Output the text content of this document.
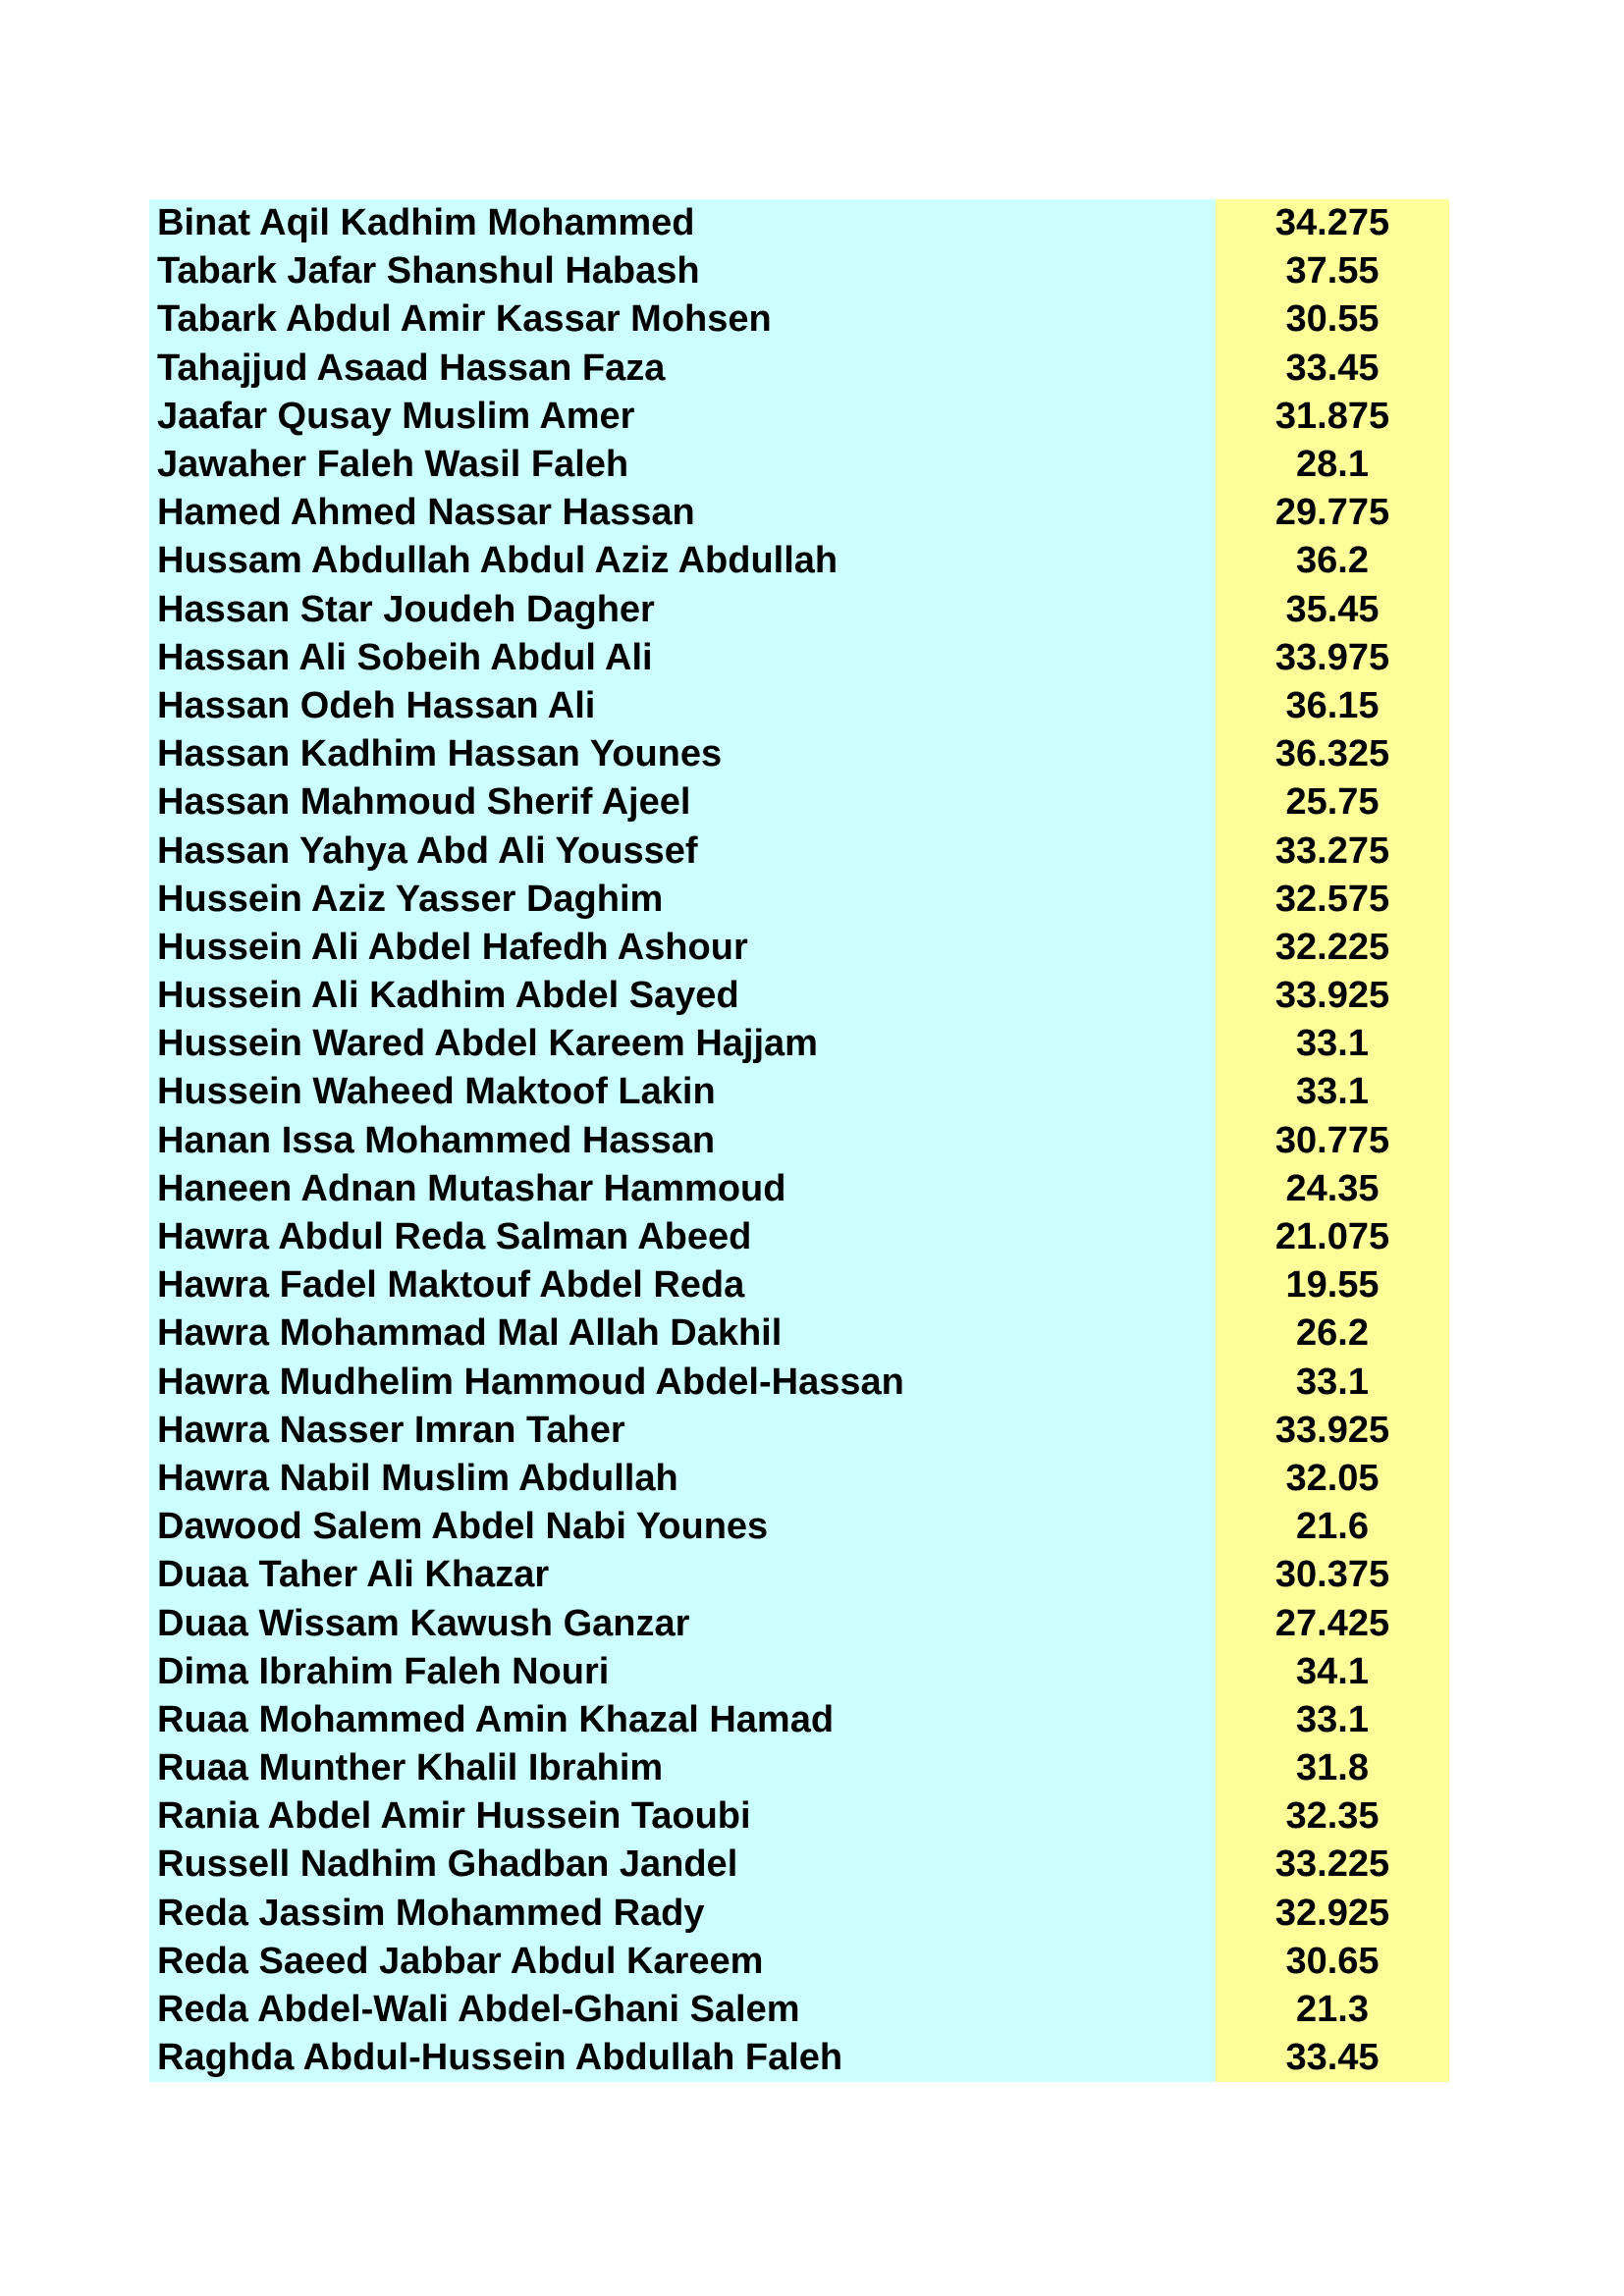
Binat Aqil Kadhim Mohammed	34.275
Tabark Jafar Shanshul Habash	37.55
Tabark Abdul Amir Kassar Mohsen	30.55
Tahajjud Asaad Hassan Faza	33.45
Jaafar Qusay Muslim Amer	31.875
Jawaher Faleh Wasil Faleh	28.1
Hamed Ahmed Nassar Hassan	29.775
Hussam Abdullah Abdul Aziz Abdullah	36.2
Hassan Star Joudeh Dagher	35.45
Hassan Ali Sobeih Abdul Ali	33.975
Hassan Odeh Hassan Ali	36.15
Hassan Kadhim Hassan Younes	36.325
Hassan Mahmoud Sherif Ajeel	25.75
Hassan Yahya Abd Ali Youssef	33.275
Hussein Aziz Yasser Daghim	32.575
Hussein Ali Abdel Hafedh Ashour	32.225
Hussein Ali Kadhim Abdel Sayed	33.925
Hussein Wared Abdel Kareem Hajjam	33.1
Hussein Waheed Maktoof Lakin	33.1
Hanan Issa Mohammed Hassan	30.775
Haneen Adnan Mutashar Hammoud	24.35
Hawra Abdul Reda Salman Abeed	21.075
Hawra Fadel Maktouf Abdel Reda	19.55
Hawra Mohammad Mal Allah Dakhil	26.2
Hawra Mudhelim Hammoud Abdel-Hassan	33.1
Hawra Nasser Imran Taher	33.925
Hawra Nabil Muslim Abdullah	32.05
Dawood Salem Abdel Nabi Younes	21.6
Duaa Taher Ali Khazar	30.375
Duaa Wissam Kawush Ganzar	27.425
Dima Ibrahim Faleh Nouri	34.1
Ruaa Mohammed Amin Khazal Hamad	33.1
Ruaa Munther Khalil Ibrahim	31.8
Rania Abdel Amir Hussein Taoubi	32.35
Russell Nadhim Ghadban Jandel	33.225
Reda Jassim Mohammed Rady	32.925
Reda Saeed Jabbar Abdul Kareem	30.65
Reda Abdel-Wali Abdel-Ghani Salem	21.3
Raghda Abdul-Hussein Abdullah Faleh	33.45
